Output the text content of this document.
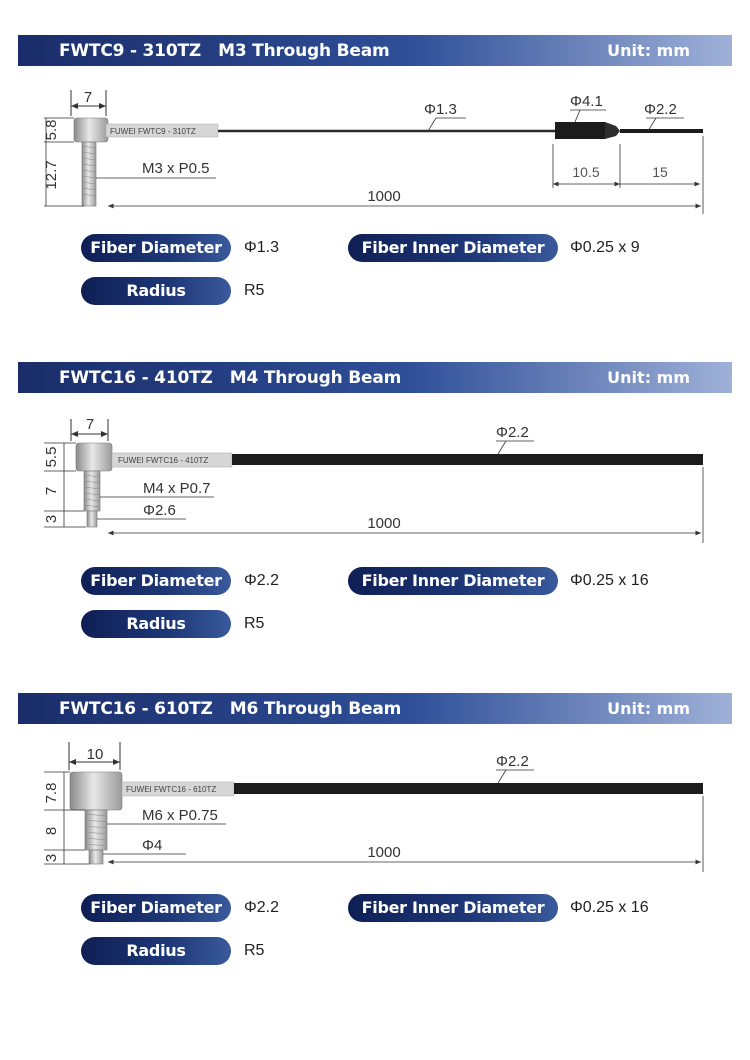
FWTC9 - 310TZ   M3 Through Beam	Unit: mm
7
5.8
12.7	M3 x P0.5
FUWEI FWTC9 - 310TZ
Φ1.3	Φ4.1	Φ2.2
10.5	15
1000
Fiber Diameter	Φ1.3	Fiber Inner Diameter	Φ0.25 x 9
Radius	R5
FWTC16 - 410TZ   M4 Through Beam	Unit: mm
7
5.5
7
3
M4 x P0.7
Φ2.6
FUWEI FWTC16 - 410TZ
Φ2.2
1000
Fiber Diameter	Φ2.2	Fiber Inner Diameter	Φ0.25 x 16
Radius	R5
FWTC16 - 610TZ   M6 Through Beam	Unit: mm
10
7.8
8
3
M6 x P0.75
Φ4
FUWEI FWTC16 - 610TZ
Φ2.2
1000
Fiber Diameter	Φ2.2	Fiber Inner Diameter	Φ0.25 x 16
Radius	R5
